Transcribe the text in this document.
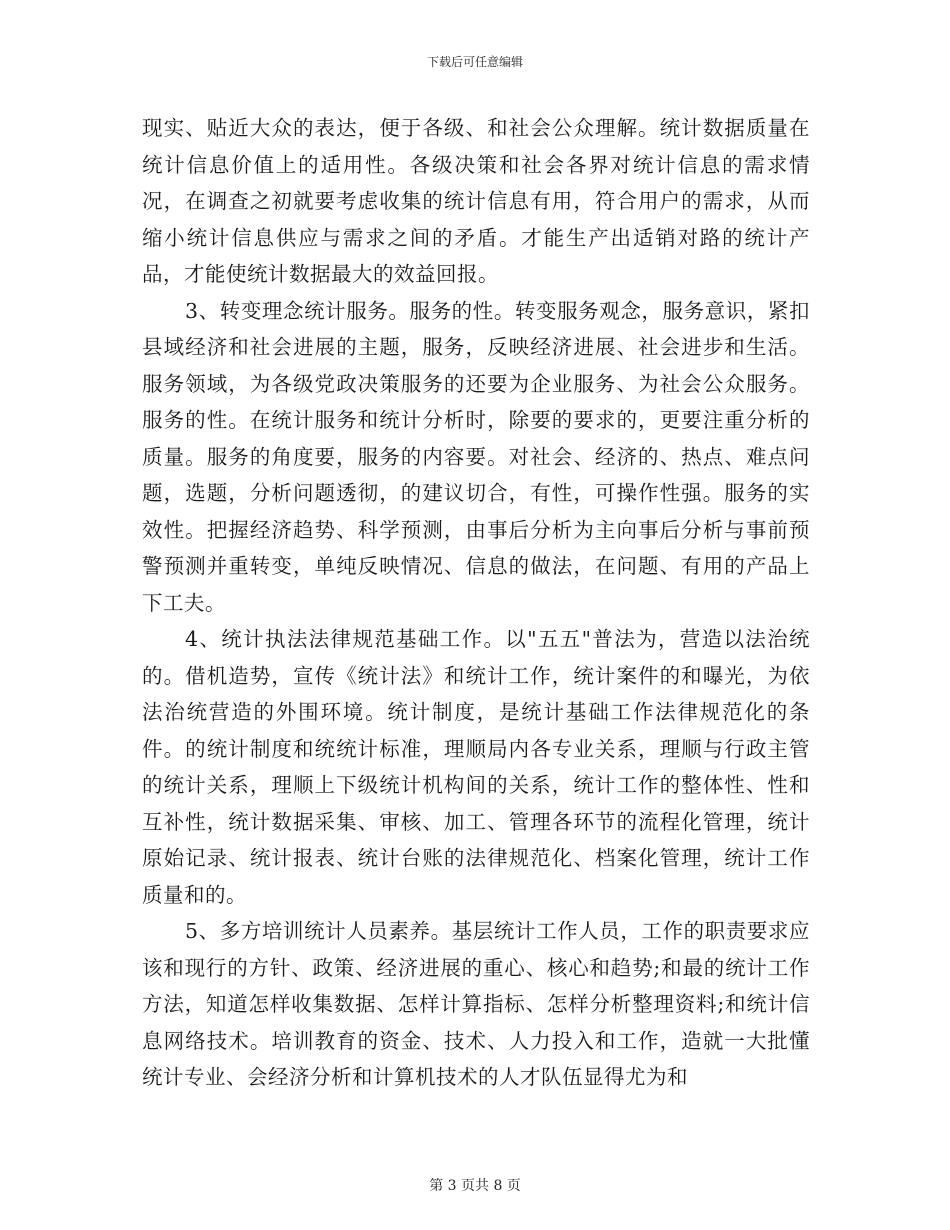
下载后可任意编辑

现实、贴近大众的表达，便于各级、和社会公众理解。统计数据质量在统计信息价值上的适用性。各级决策和社会各界对统计信息的需求情况，在调查之初就要考虑收集的统计信息有用，符合用户的需求，从而缩小统计信息供应与需求之间的矛盾。才能生产出适销对路的统计产品，才能使统计数据最大的效益回报。

3、转变理念统计服务。服务的性。转变服务观念，服务意识，紧扣县域经济和社会进展的主题，服务，反映经济进展、社会进步和生活。服务领域，为各级党政决策服务的还要为企业服务、为社会公众服务。服务的性。在统计服务和统计分析时，除要的要求的，更要注重分析的质量。服务的角度要，服务的内容要。对社会、经济的、热点、难点问题，选题，分析问题透彻，的建议切合，有性，可操作性强。服务的实效性。把握经济趋势、科学预测，由事后分析为主向事后分析与事前预警预测并重转变，单纯反映情况、信息的做法，在问题、有用的产品上下工夫。

4、统计执法法律规范基础工作。以"五五"普法为，营造以法治统的。借机造势，宣传《统计法》和统计工作，统计案件的和曝光，为依法治统营造的外围环境。统计制度，是统计基础工作法律规范化的条件。的统计制度和统统计标准，理顺局内各专业关系，理顺与行政主管的统计关系，理顺上下级统计机构间的关系，统计工作的整体性、性和互补性，统计数据采集、审核、加工、管理各环节的流程化管理，统计原始记录、统计报表、统计台账的法律规范化、档案化管理，统计工作质量和的。

5、多方培训统计人员素养。基层统计工作人员，工作的职责要求应该和现行的方针、政策、经济进展的重心、核心和趋势;和最的统计工作方法，知道怎样收集数据、怎样计算指标、怎样分析整理资料;和统计信息网络技术。培训教育的资金、技术、人力投入和工作，造就一大批懂统计专业、会经济分析和计算机技术的人才队伍显得尤为和

第 3 页共 8 页
